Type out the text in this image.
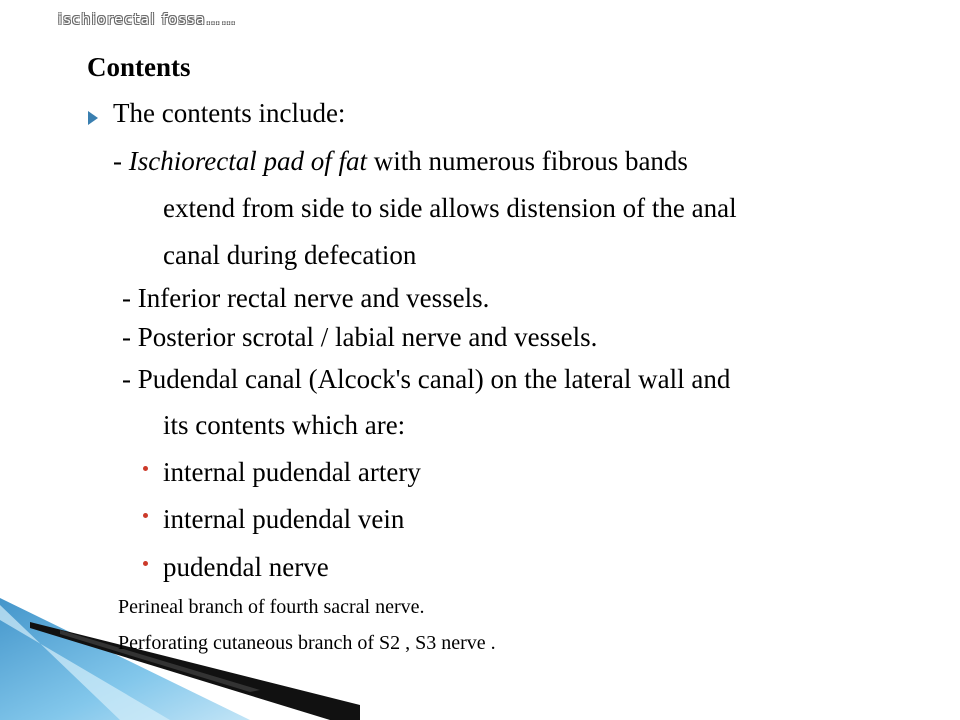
ischiorectal fossa……
Contents
The contents include:
- Ischiorectal pad of fat with numerous fibrous bands
extend from side to side allows distension of the anal
canal during defecation
- Inferior rectal nerve and vessels.
- Posterior scrotal / labial nerve and vessels.
- Pudendal canal (Alcock's canal) on the lateral wall and
its contents which are:
internal pudendal artery
internal pudendal vein
pudendal nerve
Perineal branch of fourth sacral nerve.
Perforating cutaneous branch of S2 , S3 nerve .
